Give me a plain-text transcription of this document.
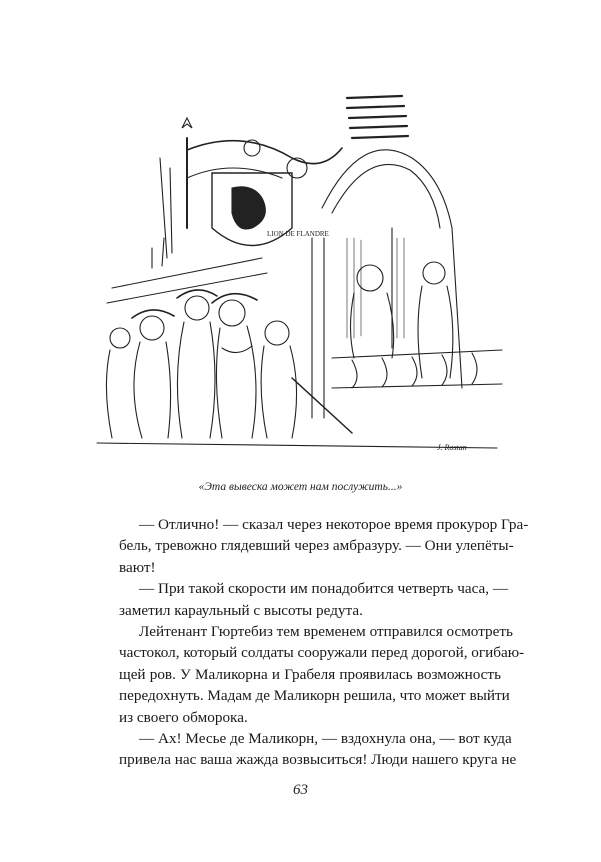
LION DE FLANDRE
J. Rostan
«Эта вывеска может нам послужить...»

— Отлично! — сказал через некоторое время прокурор Гра-
бель, тревожно глядевший через амбразуру. — Они улепёты-
вают!

— При такой скорости им понадобится четверть часа, —
заметил караульный с высоты редута.

Лейтенант Гюртебиз тем временем отправился осмотреть
частокол, который солдаты сооружали перед дорогой, огибаю-
щей ров. У Маликорна и Грабеля проявилась возможность
передохнуть. Мадам де Маликорн решила, что может выйти
из своего обморока.

— Ах! Месье де Маликорн, — вздохнула она, — вот куда
привела нас ваша жажда возвыситься! Люди нашего круга не

63
